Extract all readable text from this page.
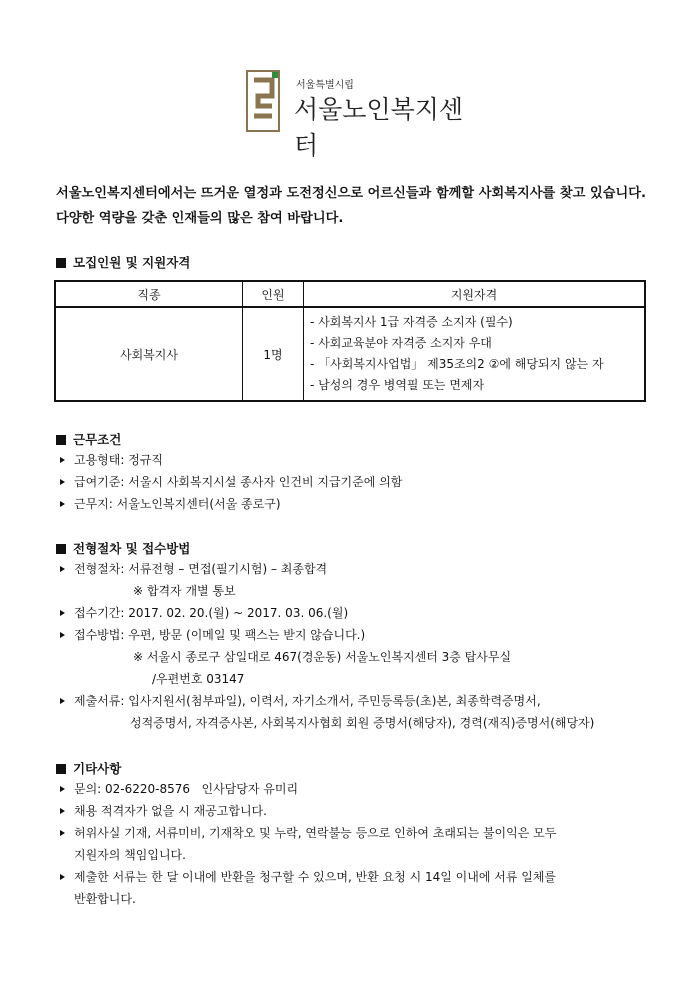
서울특별시립
서울노인복지센터
서울노인복지센터에서는 뜨거운 열정과 도전정신으로 어르신들과 함께할 사회복지사를 찾고 있습니다. 다양한 역량을 갖춘 인재들의 많은 참여 바랍니다.
모집인원 및 지원자격
직종	인원	지원자격
사회복지사	1명	- 사회복지사 1급 자격증 소지자 (필수)
- 사회교육분야 자격증 소지자 우대
- 「사회복지사업법」 제35조의2 ②에 해당되지 않는 자
- 남성의 경우 병역필 또는 면제자
근무조건
고용형태: 정규직
급여기준: 서울시 사회복지시설 종사자 인건비 지급기준에 의함
근무지: 서울노인복지센터(서울 종로구)
전형절차 및 접수방법
전형절차: 서류전형 – 면접(필기시험) – 최종합격
※ 합격자 개별 통보
접수기간: 2017. 02. 20.(월) ~ 2017. 03. 06.(월)
접수방법: 우편, 방문 (이메일 및 팩스는 받지 않습니다.)
※ 서울시 종로구 삼일대로 467(경운동) 서울노인복지센터 3층 탑사무실
/우편번호 03147
제출서류: 입사지원서(첨부파일), 이력서, 자기소개서, 주민등록등(초)본, 최종학력증명서,
성적증명서, 자격증사본, 사회복지사협회 회원 증명서(해당자), 경력(재직)증명서(해당자)
기타사항
문의: 02-6220-8576   인사담당자 유미리
채용 적격자가 없을 시 재공고합니다.
허위사실 기재, 서류미비, 기재착오 및 누락, 연락불능 등으로 인하여 초래되는 불이익은 모두
지원자의 책임입니다.
제출한 서류는 한 달 이내에 반환을 청구할 수 있으며, 반환 요청 시 14일 이내에 서류 일체를
반환합니다.
